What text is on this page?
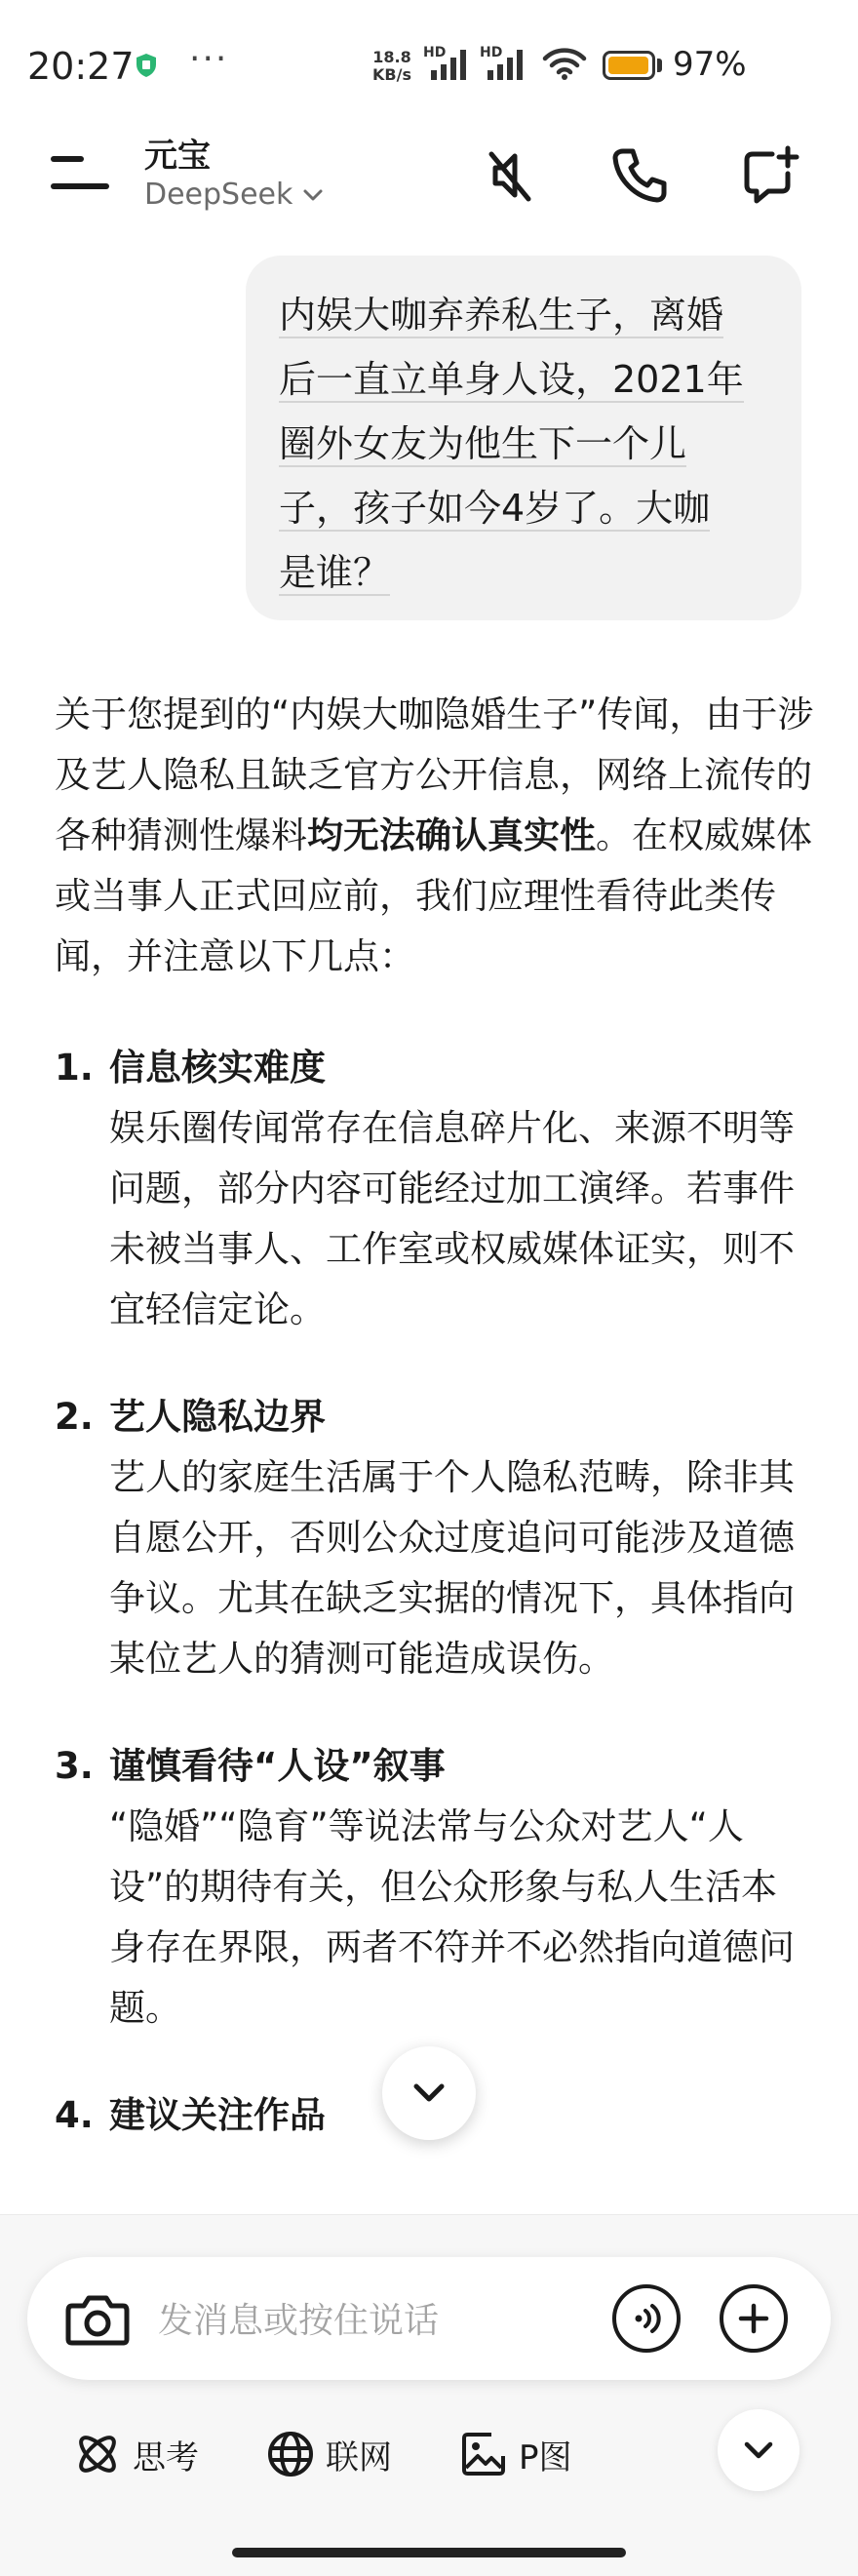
20:27 ···	18.8
KB/s
HD HD	97%
元宝
DeepSeek
内娱大咖弃养私生子，离婚
后一直立单身人设，2021年
圈外女友为他生下一个儿
子，孩子如今4岁了。大咖
是谁？
关于您提到的“内娱大咖隐婚生子”传闻，由于涉及艺人隐私且缺乏官方公开信息，网络上流传的各种猜测性爆料均无法确认真实性。在权威媒体或当事人正式回应前，我们应理性看待此类传闻，并注意以下几点：
1. 信息核实难度
娱乐圈传闻常存在信息碎片化、来源不明等问题，部分内容可能经过加工演绎。若事件未被当事人、工作室或权威媒体证实，则不宜轻信定论。
2. 艺人隐私边界
艺人的家庭生活属于个人隐私范畴，除非其自愿公开，否则公众过度追问可能涉及道德争议。尤其在缺乏实据的情况下，具体指向某位艺人的猜测可能造成误伤。
3. 谨慎看待“人设”叙事
“隐婚”“隐育”等说法常与公众对艺人“人设”的期待有关，但公众形象与私人生活本身存在界限，两者不符并不必然指向道德问题。
4. 建议关注作品
发消息或按住说话
思考	联网	P图
